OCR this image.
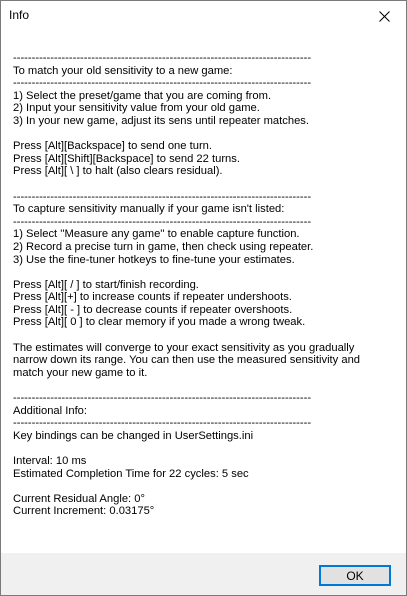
Info
--------------------------------------------------------------------------------
To match your old sensitivity to a new game:
--------------------------------------------------------------------------------
1) Select the preset/game that you are coming from.
2) Input your sensitivity value from your old game.
3) In your new game, adjust its sens until repeater matches.
Press [Alt][Backspace] to send one turn.
Press [Alt][Shift][Backspace] to send 22 turns.
Press [Alt][ \ ] to halt (also clears residual).
--------------------------------------------------------------------------------
To capture sensitivity manually if your game isn't listed:
--------------------------------------------------------------------------------
1) Select ''Measure any game'' to enable capture function.
2) Record a precise turn in game, then check using repeater.
3) Use the fine-tuner hotkeys to fine-tune your estimates.
Press [Alt][ / ] to start/finish recording.
Press [Alt][+] to increase counts if repeater undershoots.
Press [Alt][ - ] to decrease counts if repeater overshoots.
Press [Alt][ 0 ] to clear memory if you made a wrong tweak.
The estimates will converge to your exact sensitivity as you gradually
narrow down its range. You can then use the measured sensitivity and
match your new game to it.
--------------------------------------------------------------------------------
Additional Info:
--------------------------------------------------------------------------------
Key bindings can be changed in UserSettings.ini
Interval: 10 ms
Estimated Completion Time for 22 cycles: 5 sec
Current Residual Angle: 0°
Current Increment: 0.03175°
OK
